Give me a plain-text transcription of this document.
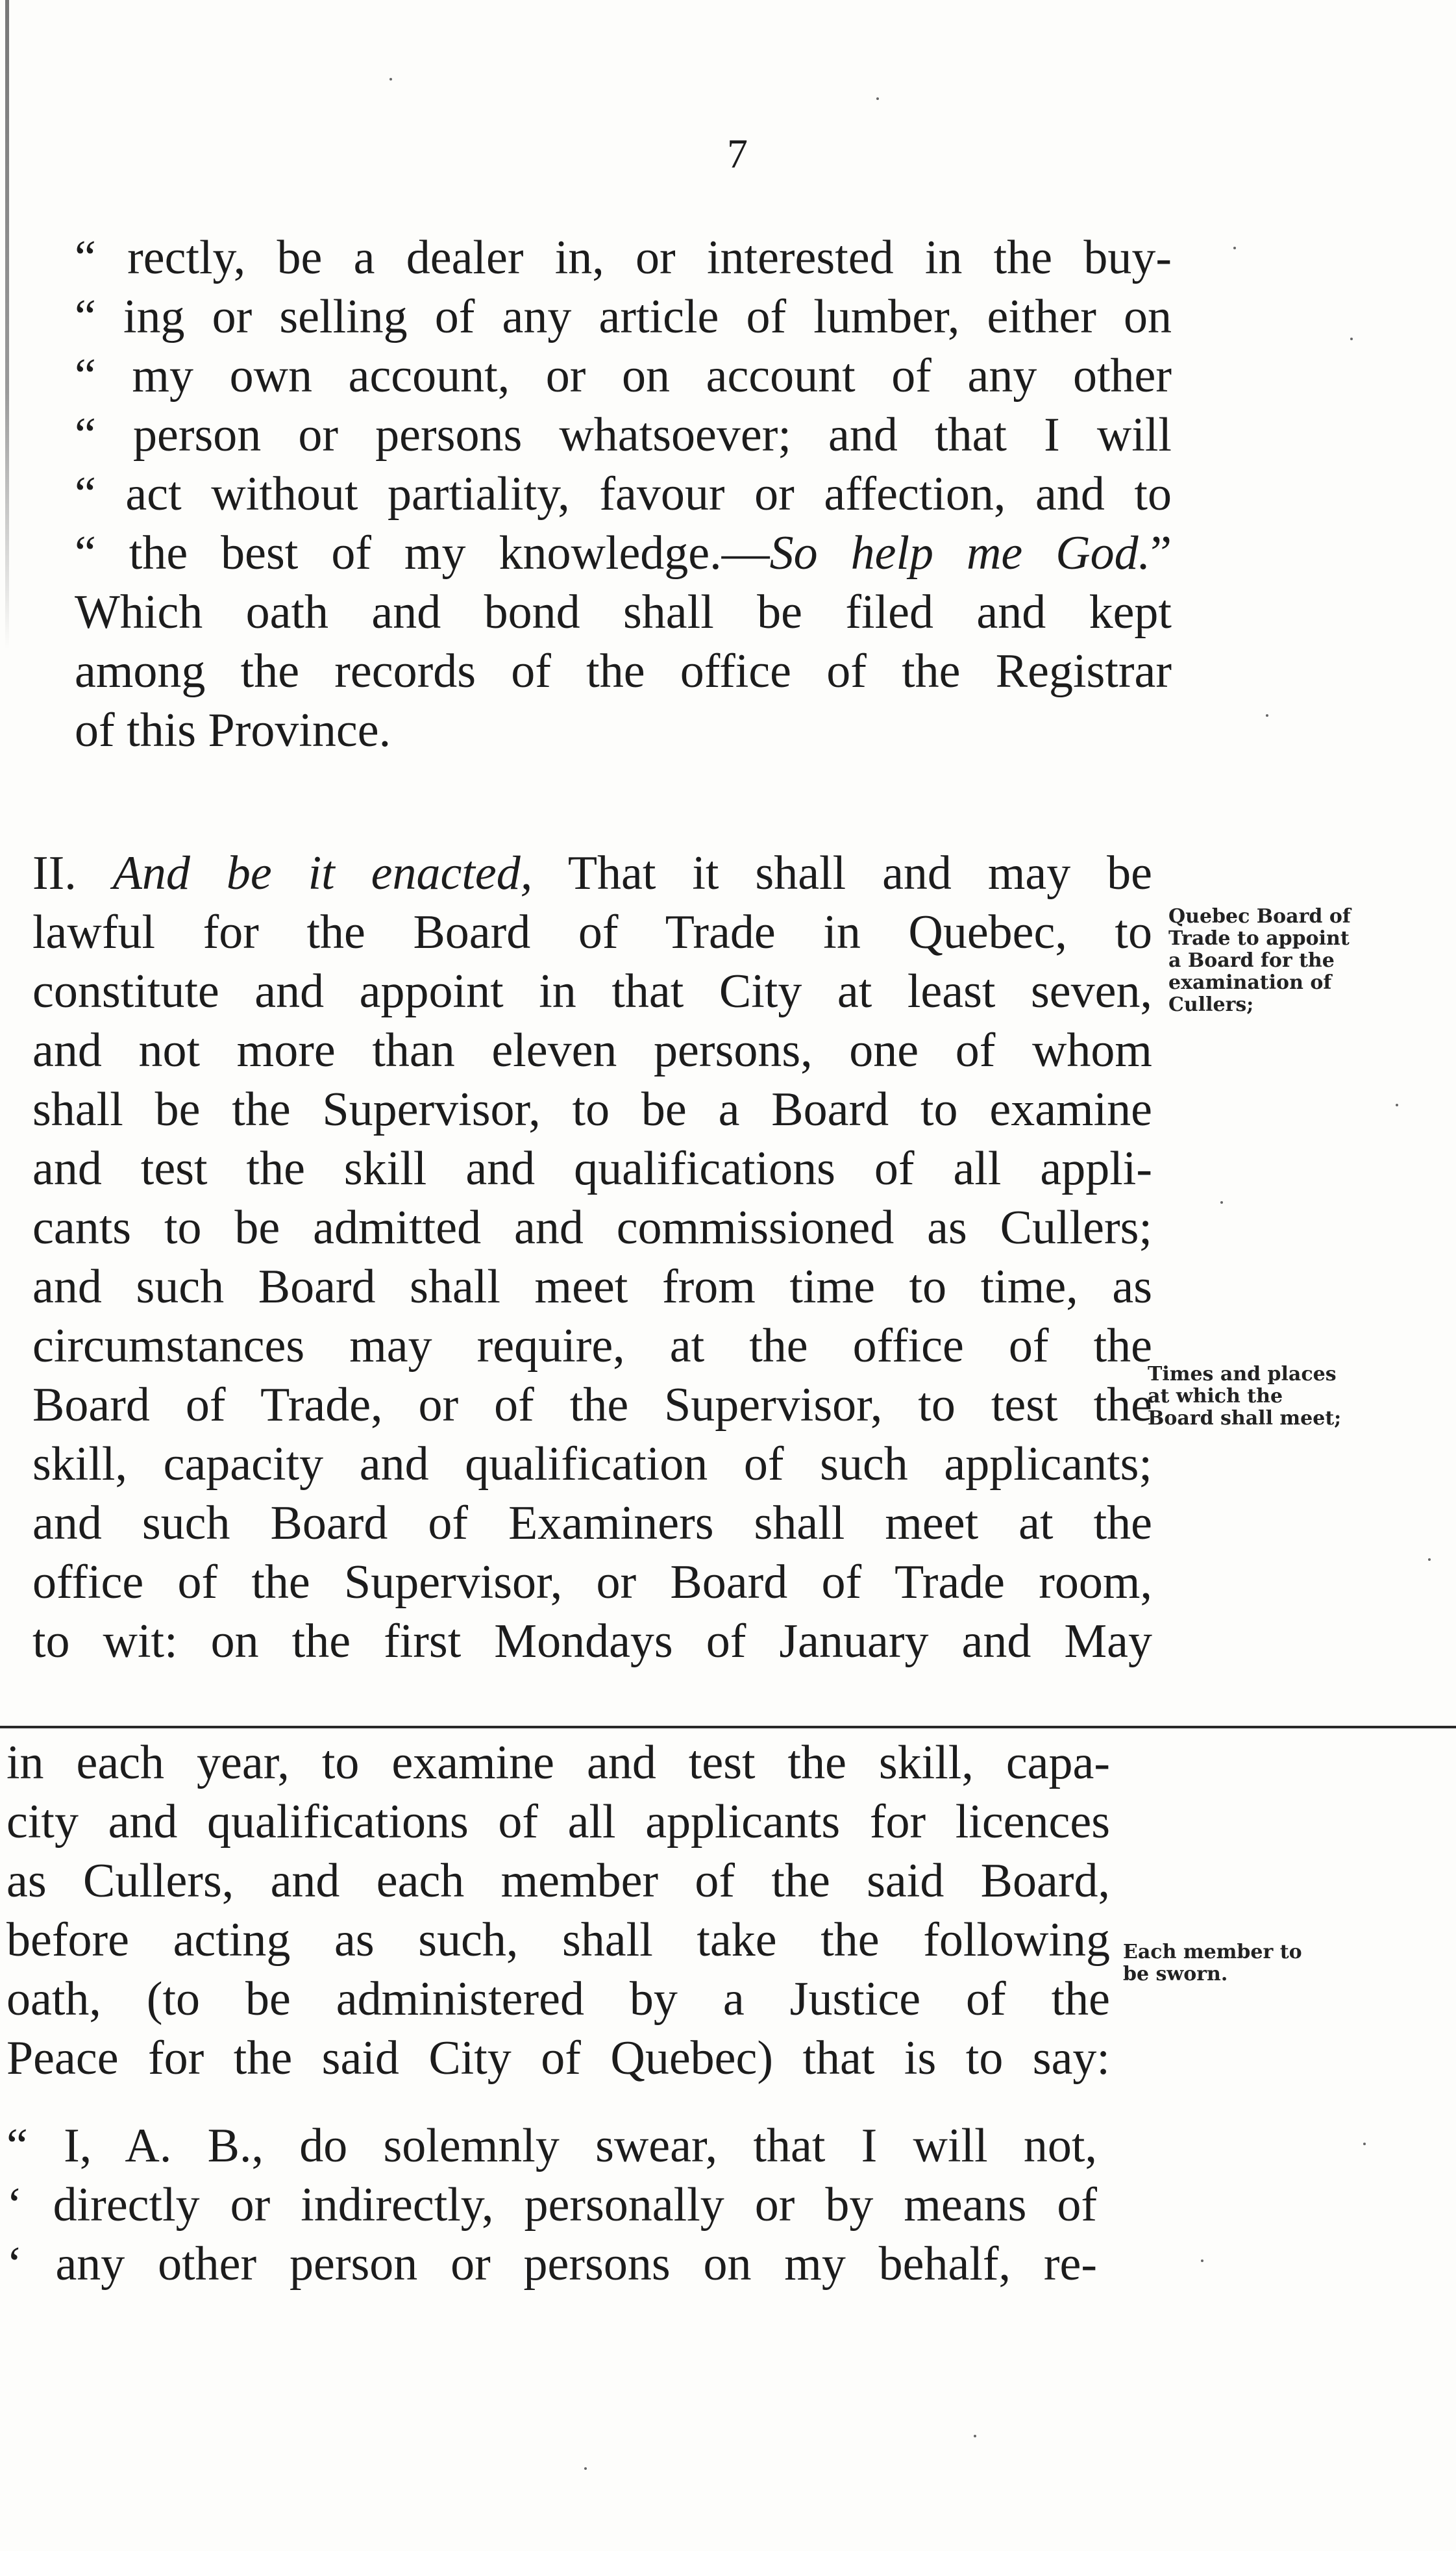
7
“ rectly, be a dealer in, or interested in the buy-
“ ing or selling of any article of lumber, either on
“ my own account, or on account of any other
“ person or persons whatsoever; and that I will
“ act without partiality, favour or affection, and to
“ the best of my knowledge.—So help me God.”
Which oath and bond shall be filed and kept
among the records of the office of the Registrar
of this Province.
II. And be it enacted, That it shall and may be
lawful for the Board of Trade in Quebec, to
constitute and appoint in that City at least seven,
and not more than eleven persons, one of whom
shall be the Supervisor, to be a Board to examine
and test the skill and qualifications of all appli-
cants to be admitted and commissioned as Cullers;
and such Board shall meet from time to time, as
circumstances may require, at the office of the
Board of Trade, or of the Supervisor, to test the
skill, capacity and qualification of such applicants;
and such Board of Examiners shall meet at the
office of the Supervisor, or Board of Trade room,
to wit: on the first Mondays of January and May
in each year, to examine and test the skill, capa-
city and qualifications of all applicants for licences
as Cullers, and each member of the said Board,
before acting as such, shall take the following
oath, (to be administered by a Justice of the
Peace for the said City of Quebec) that is to say:
“ I, A. B., do solemnly swear, that I will not,
‘ directly or indirectly, personally or by means of
‘ any other person or persons on my behalf, re-
Quebec Board of
Trade to appoint
a Board for the
examination of
Cullers;
Times and places
at which the
Board shall meet;
Each member to
be sworn.
